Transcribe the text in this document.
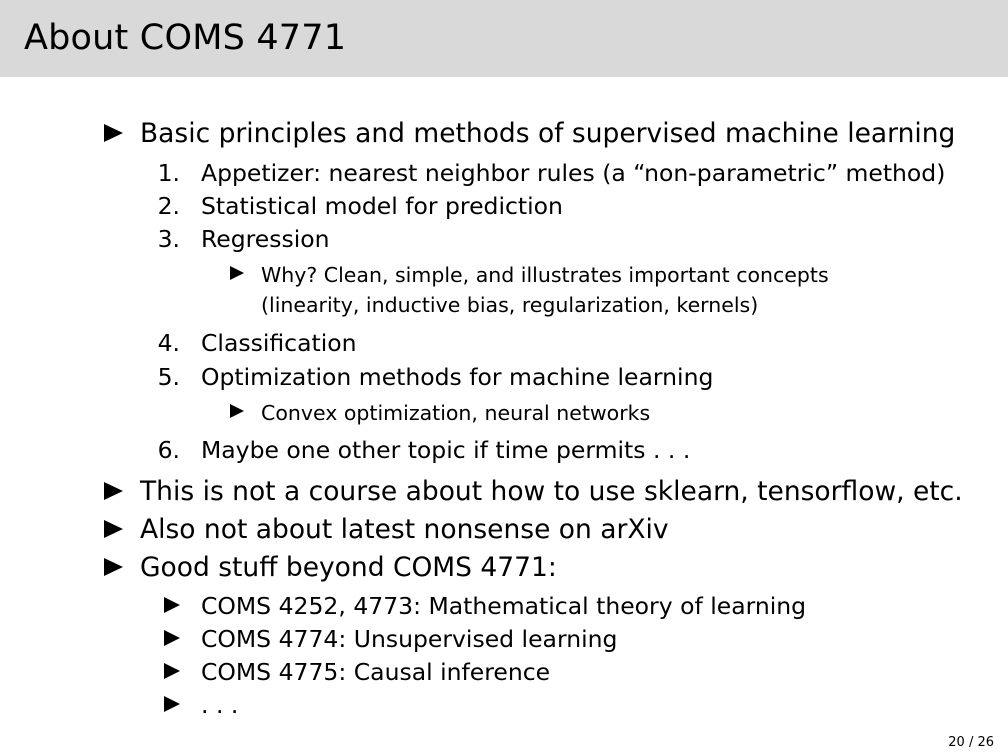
About COMS 4771
Basic principles and methods of supervised machine learning
1. Appetizer: nearest neighbor rules (a “non-parametric” method)
2. Statistical model for prediction
3. Regression
Why? Clean, simple, and illustrates important concepts
(linearity, inductive bias, regularization, kernels)
4. Classification
5. Optimization methods for machine learning
Convex optimization, neural networks
6. Maybe one other topic if time permits . . .
This is not a course about how to use sklearn, tensorflow, etc.
Also not about latest nonsense on arXiv
Good stuff beyond COMS 4771:
COMS 4252, 4773: Mathematical theory of learning
COMS 4774: Unsupervised learning
COMS 4775: Causal inference
. . .
20 / 26
